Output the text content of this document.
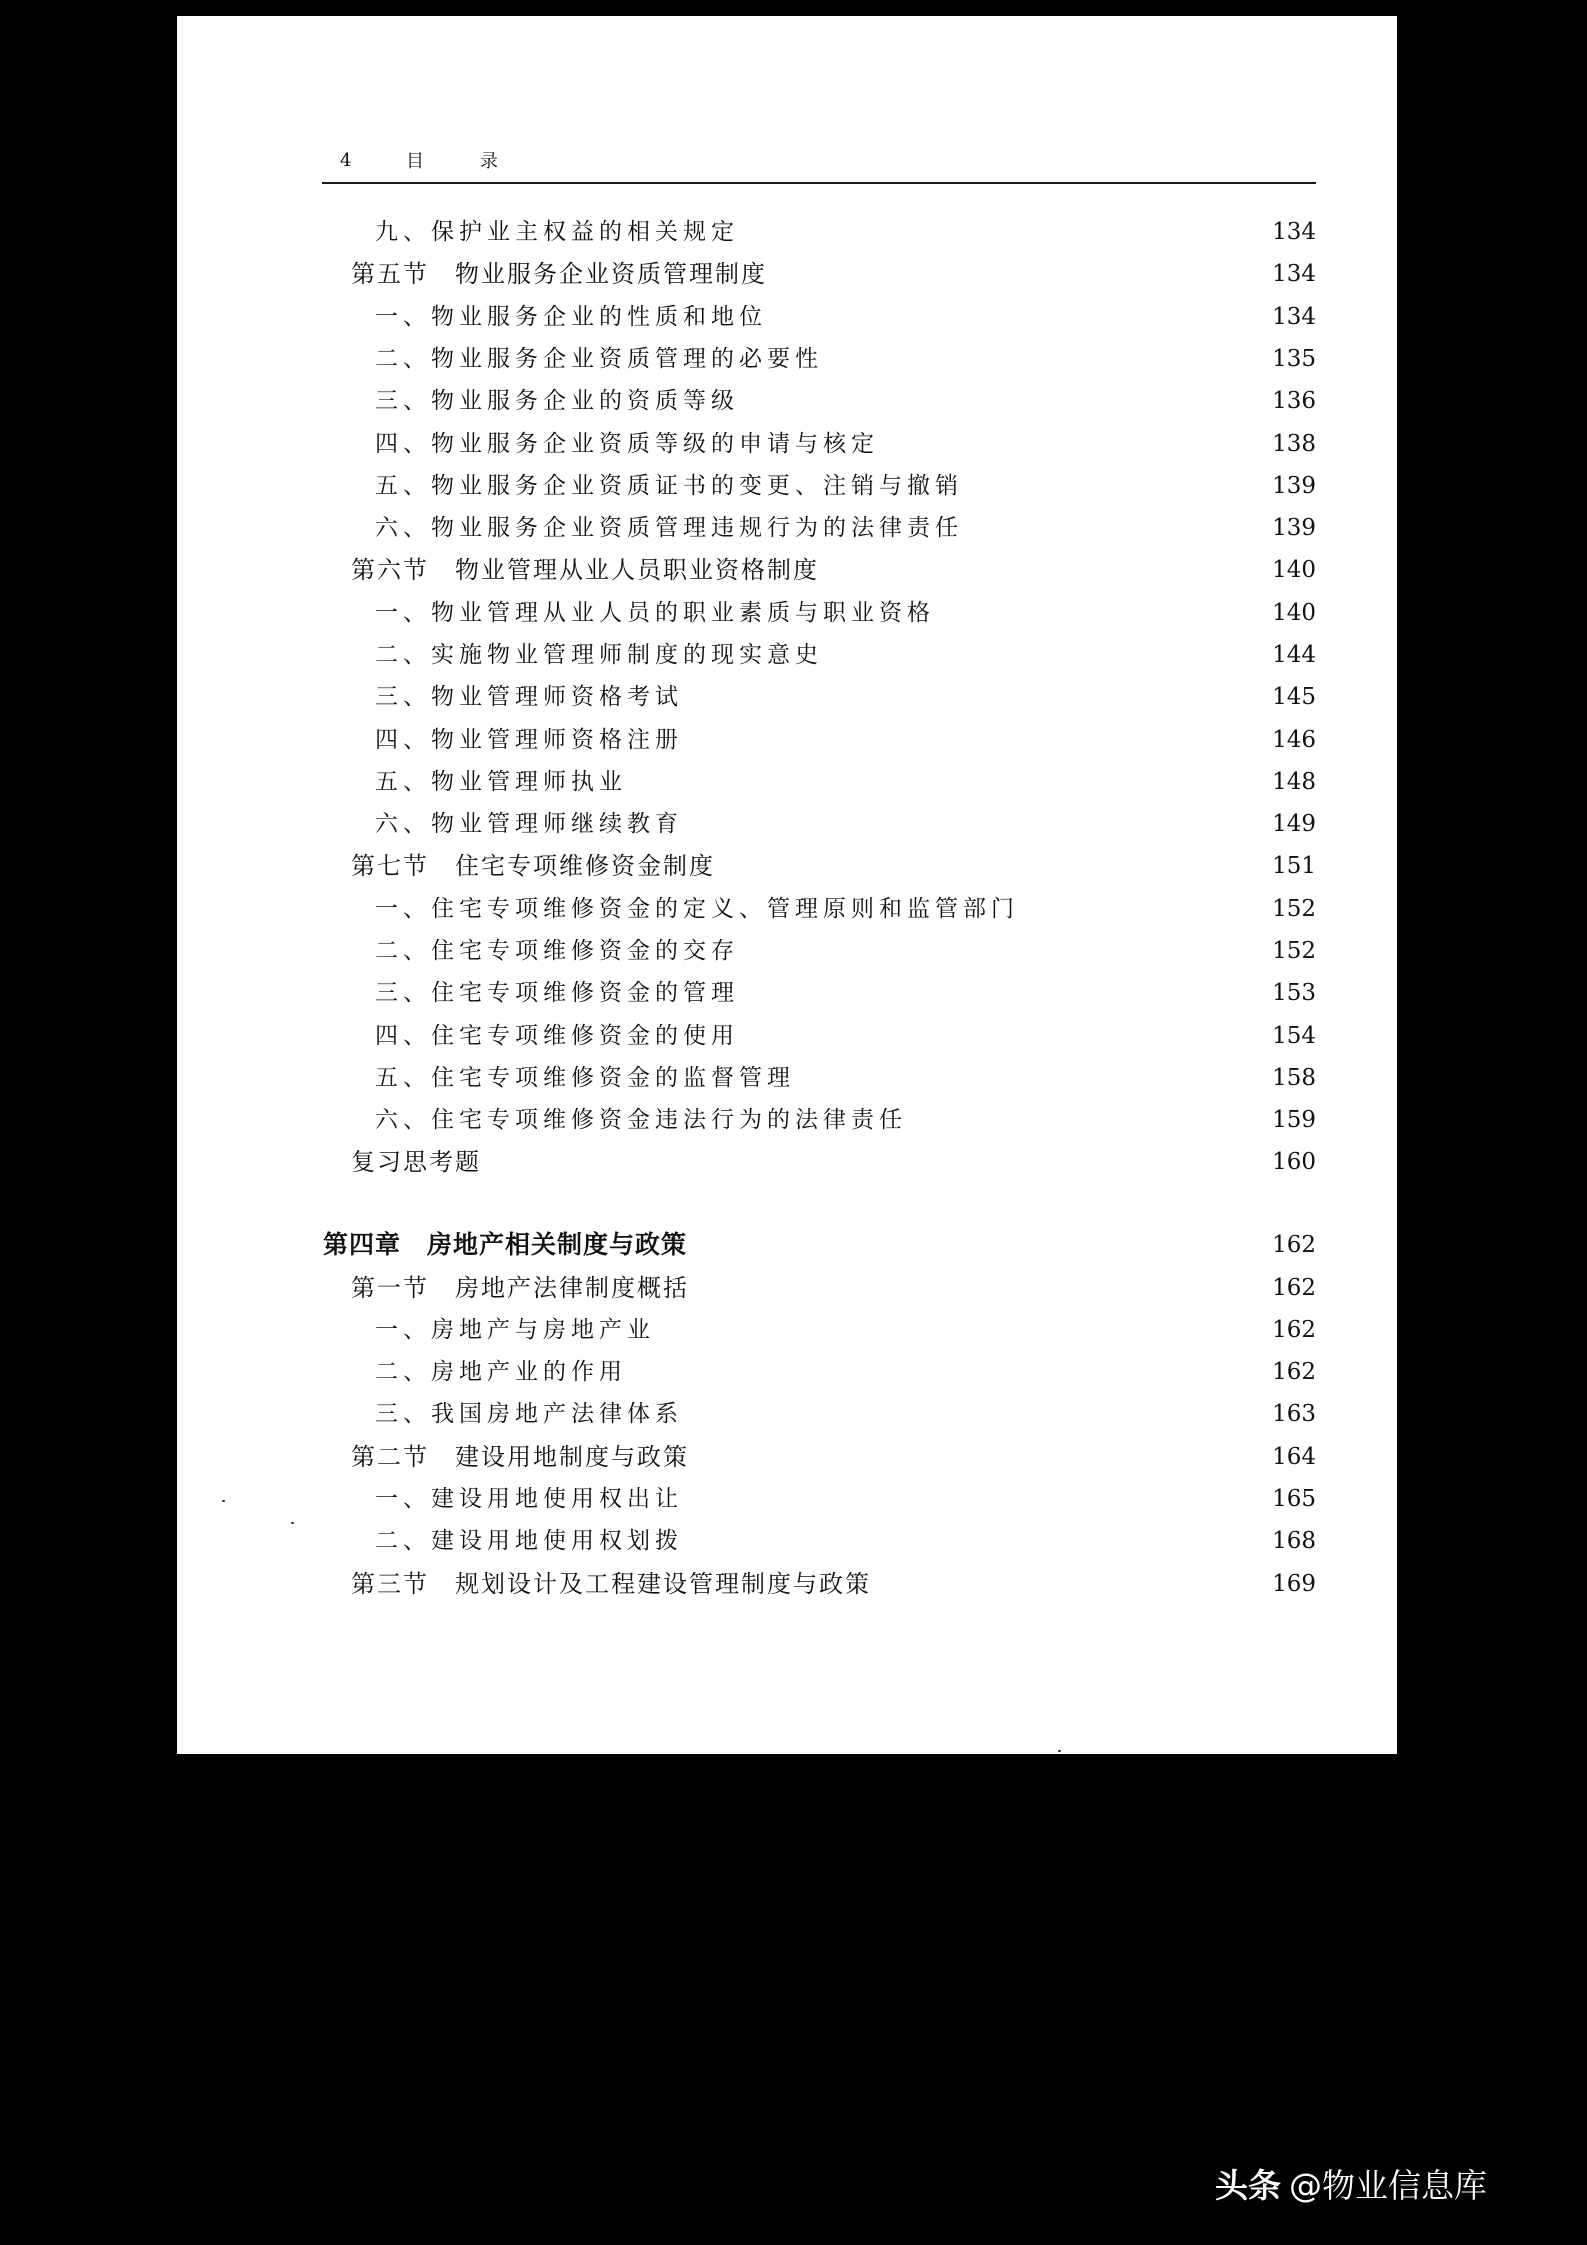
4	目	录
九、保护业主权益的相关规定	134
第五节 物业服务企业资质管理制度	134
一、物业服务企业的性质和地位	134
二、物业服务企业资质管理的必要性	135
三、物业服务企业的资质等级	136
四、物业服务企业资质等级的申请与核定	138
五、物业服务企业资质证书的变更、注销与撤销	139
六、物业服务企业资质管理违规行为的法律责任	139
第六节 物业管理从业人员职业资格制度	140
一、物业管理从业人员的职业素质与职业资格	140
二、实施物业管理师制度的现实意史	144
三、物业管理师资格考试	145
四、物业管理师资格注册	146
五、物业管理师执业	148
六、物业管理师继续教育	149
第七节 住宅专项维修资金制度	151
一、住宅专项维修资金的定义、管理原则和监管部门	152
二、住宅专项维修资金的交存	152
三、住宅专项维修资金的管理	153
四、住宅专项维修资金的使用	154
五、住宅专项维修资金的监督管理	158
六、住宅专项维修资金违法行为的法律责任	159
复习思考题	160
第四章 房地产相关制度与政策	162
第一节 房地产法律制度概括	162
一、房地产与房地产业	162
二、房地产业的作用	162
三、我国房地产法律体系	163
第二节 建设用地制度与政策	164
一、建设用地使用权出让	165
二、建设用地使用权划拨	168
第三节 规划设计及工程建设管理制度与政策	169
头条 @物业信息库
